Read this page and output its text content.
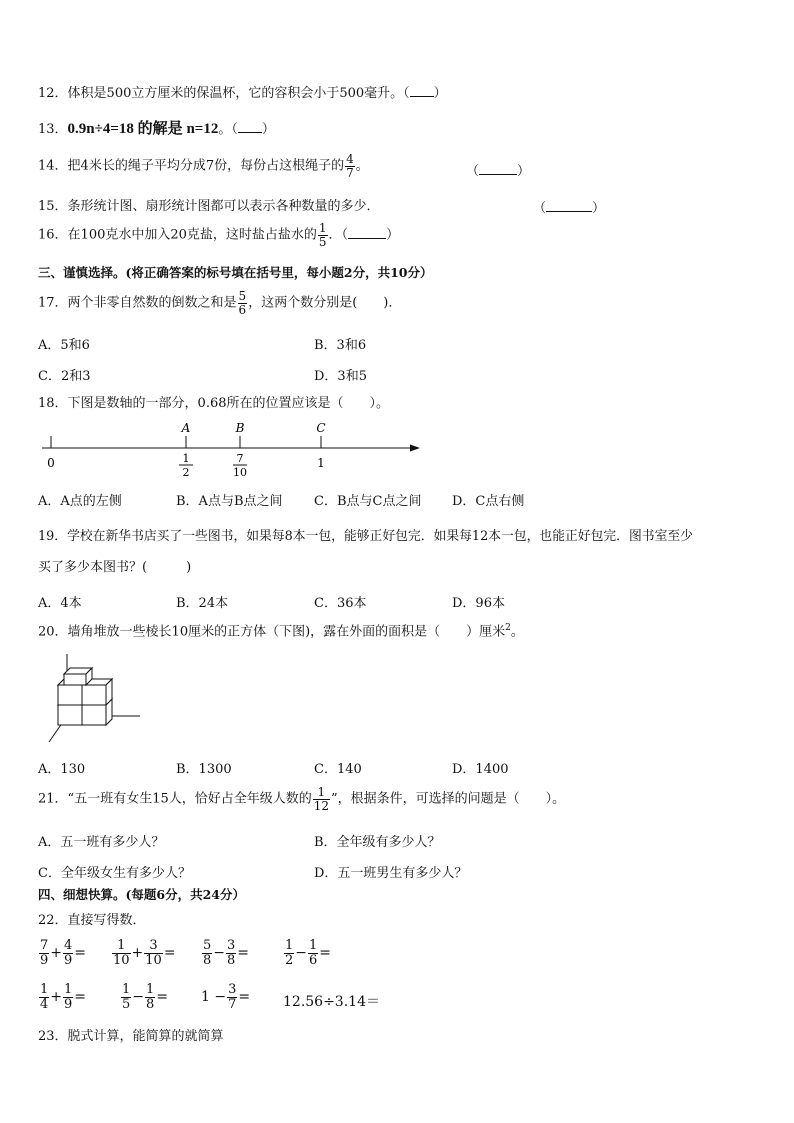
12．体积是500立方厘米的保温杯，它的容积会小于500毫升。（ ）
13．0.9n÷4=18 的解是 n=12。（ ）
14．把4米长的绳子平均分成7份，每份占这根绳子的 $\frac{4}{7}$ 。	（	）
15．条形统计图、扇形统计图都可以表示各种数量的多少．	（	）
16．在100克水中加入20克盐，这时盐占盐水的 $\frac{1}{5}$ ．（	）
三、谨慎选择。(将正确答案的标号填在括号里，每小题2分，共10分）
17．两个非零自然数的倒数之和是 $\frac{5}{6}$ ，这两个数分别是(　　)．
A．5和6	B．3和6
C．2和3	D．3和5
18．下图是数轴的一部分，0.68所在的位置应该是（　　）。
0
A
1
2
B
7
10
C
1
A．A点的左侧	B．A点与B点之间 C．B点与C点之间 D．C点右侧
19．学校在新华书店买了一些图书，如果每8本一包，能够正好包完．如果每12本一包，也能正好包完．图书室至少
买了多少本图书？(　　　)
A．4本	B．24本	C．36本	D．96本
20．墙角堆放一些棱长10厘米的正方体（下图)，露在外面的面积是（　　）厘米$^2$。
A．130	B．1300	C．140	D．1400
21．“五一班有女生15人，恰好占全年级人数的 $\frac{1}{12}$ ”，根据条件，可选择的问题是（　　）。
A．五一班有多少人？	B．全年级有多少人？
C．全年级女生有多少人？	D．五一班男生有多少人？
四、细想快算。(每题6分，共24分）
22．直接写得数．
$\frac{7}{9} + \frac{4}{9} = \frac{1}{10} + \frac{3}{10} = \frac{5}{8} - \frac{3}{8}$ =	$\frac{1}{2} - \frac{1}{6}$ =
$\frac{1}{4} + \frac{1}{9}$ =	$\frac{1}{5} - \frac{1}{8} = 1 - \frac{3}{7} = 12.56\div 3.14=$
23．脱式计算，能简算的就简算
